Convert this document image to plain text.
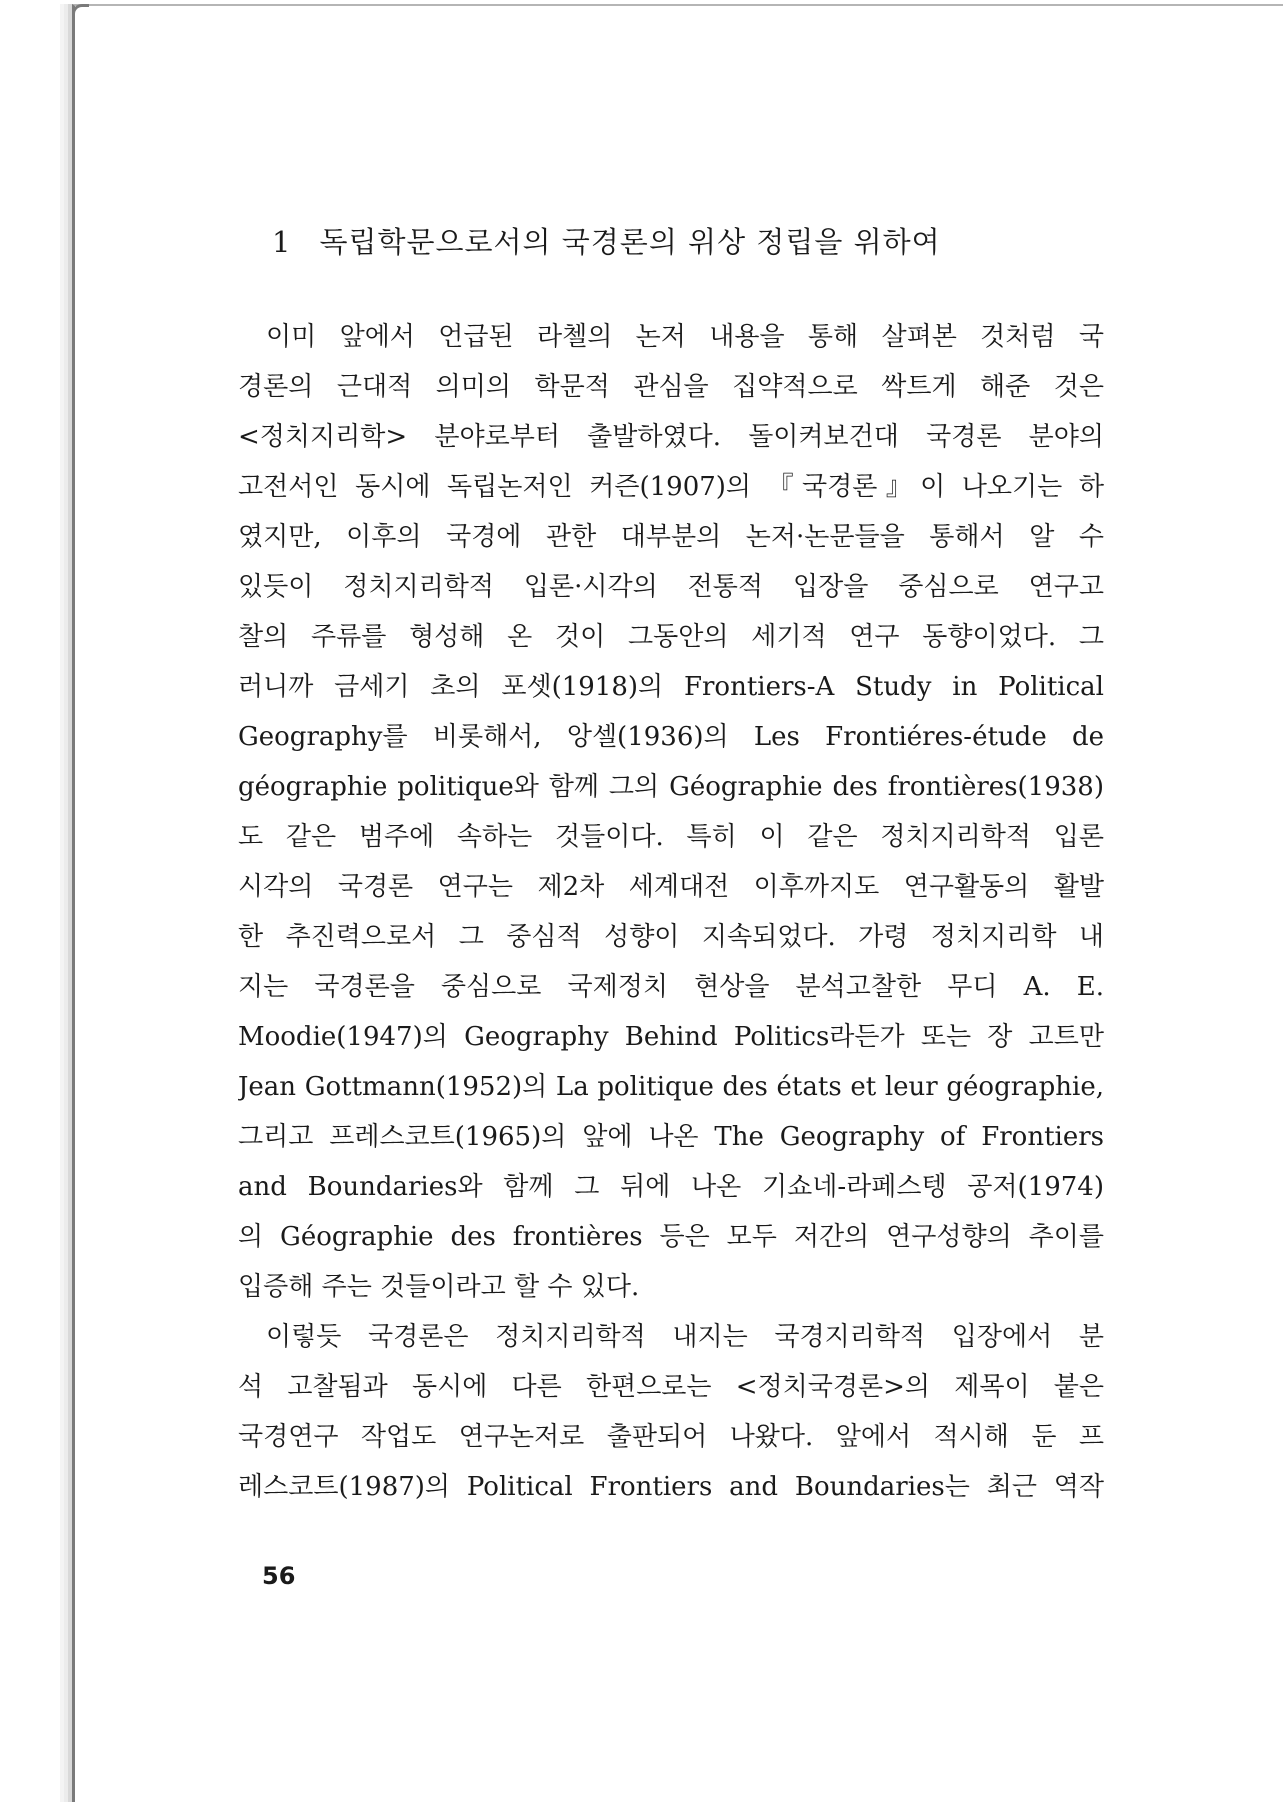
1 독립학문으로서의 국경론의 위상 정립을 위하여
이미 앞에서 언급된 라첼의 논저 내용을 통해 살펴본 것처럼 국
경론의 근대적 의미의 학문적 관심을 집약적으로 싹트게 해준 것은
<정치지리학> 분야로부터 출발하였다. 돌이켜보건대 국경론 분야의
고전서인 동시에 독립논저인 커즌(1907)의 『국경론』이 나오기는 하
였지만, 이후의 국경에 관한 대부분의 논저·논문들을 통해서 알 수
있듯이 정치지리학적 입론·시각의 전통적 입장을 중심으로 연구고
찰의 주류를 형성해 온 것이 그동안의 세기적 연구 동향이었다. 그
러니까 금세기 초의 포셋(1918)의 Frontiers-A Study in Political
Geography를 비롯해서, 앙셀(1936)의 Les Frontiéres-étude de
géographie politique와 함께 그의 Géographie des frontières(1938)
도 같은 범주에 속하는 것들이다. 특히 이 같은 정치지리학적 입론
시각의 국경론 연구는 제2차 세계대전 이후까지도 연구활동의 활발
한 추진력으로서 그 중심적 성향이 지속되었다. 가령 정치지리학 내
지는 국경론을 중심으로 국제정치 현상을 분석고찰한 무디 A. E.
Moodie(1947)의 Geography Behind Politics라든가 또는 장 고트만
Jean Gottmann(1952)의 La politique des états et leur géographie,
그리고 프레스코트(1965)의 앞에 나온 The Geography of Frontiers
and Boundaries와 함께 그 뒤에 나온 기쇼네-라페스텡 공저(1974)
의 Géographie des frontières 등은 모두 저간의 연구성향의 추이를
입증해 주는 것들이라고 할 수 있다.
이렇듯 국경론은 정치지리학적 내지는 국경지리학적 입장에서 분
석 고찰됨과 동시에 다른 한편으로는 <정치국경론>의 제목이 붙은
국경연구 작업도 연구논저로 출판되어 나왔다. 앞에서 적시해 둔 프
레스코트(1987)의 Political Frontiers and Boundaries는 최근 역작
56
